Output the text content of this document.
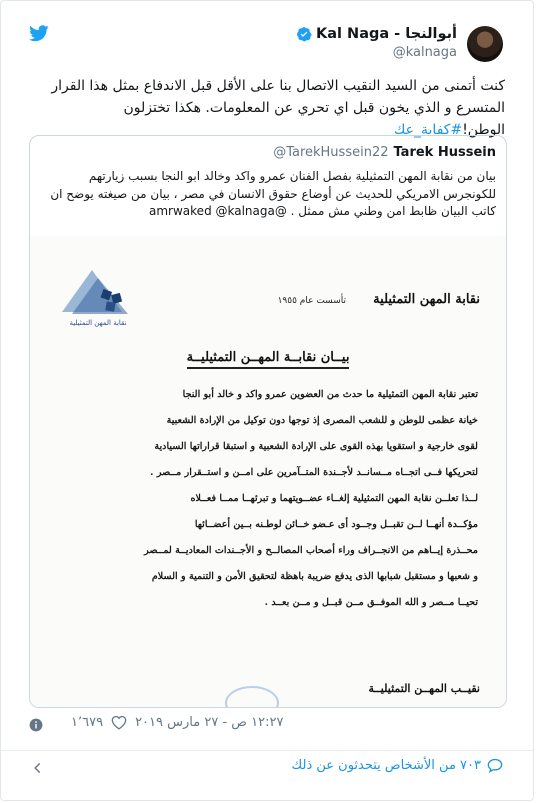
Kal Naga - أبوالنجا
@kalnaga
كنت أتمنى من السيد النقيب الاتصال بنا على الأقل قبل الاندفاع بمثل هذا القرار المتسرع و الذي يخون قبل اي تحري عن المعلومات. هكذا تختزلون الوطن!#كفاية_عك
@TarekHussein22 Tarek Hussein
بيان من نقابة المهن التمثيلية بفصل الفنان عمرو واكد وخالد ابو النجا بسبب زيارتهم للكونجرس الامريكي للحديث عن أوضاع حقوق الانسان في مصر ، بيان من صيغته يوضح ان كاتب البيان ظابط امن وطني مش ممثل . @amrwaked @kalnaga
نقابة المهن التمثيلية
تأسست عام ١٩٥٥ نقابة المهن التمثيلية
بيــان نقابــة المهــن التمثيليــة
تعتبر نقابة المهن التمثيلية ما حدث من العضوين عمرو واكد و خالد أبو النجا
خيانة عظمى للوطن و للشعب المصرى إذ توجها دون توكيل من الإرادة الشعبية
لقوى خارجية و استقويا بهذه القوى على الإرادة الشعبية و استبقا قراراتها السيادية
لتحريكها فــى اتجــاه مــسانــد لأجــندة المتــآمرين على امــن و استــقرار مــصر .
لــذا تعلــن نقابة المهن التمثيلية إلغــاء عضــويتهما و تبرئهــا ممــا فعــلاه
مؤكــدة أنهــا لــن تقبــل وجــود أى عـضو خــائن لوطـنه بــين أعضــائها
محــذرة إيــاهم من الانجــراف وراء أصحاب المصالــح و الأجــندات المعاديــة لمــصر
و شعبها و مستقبل شبابها الذى يدفع ضريبة باهظة لتحقيق الأمن و التنمية و السلام
تحيــا مــصر و الله الموفــق مــن قبــل و مــن بعــد .
نقيــب المهــن التمثيليــة
١٬٦٧٩ ١٢:٢٧ ص - ٢٧ مارس ٢٠١٩
٧٠٣ من الأشخاص يتحدثون عن ذلك
